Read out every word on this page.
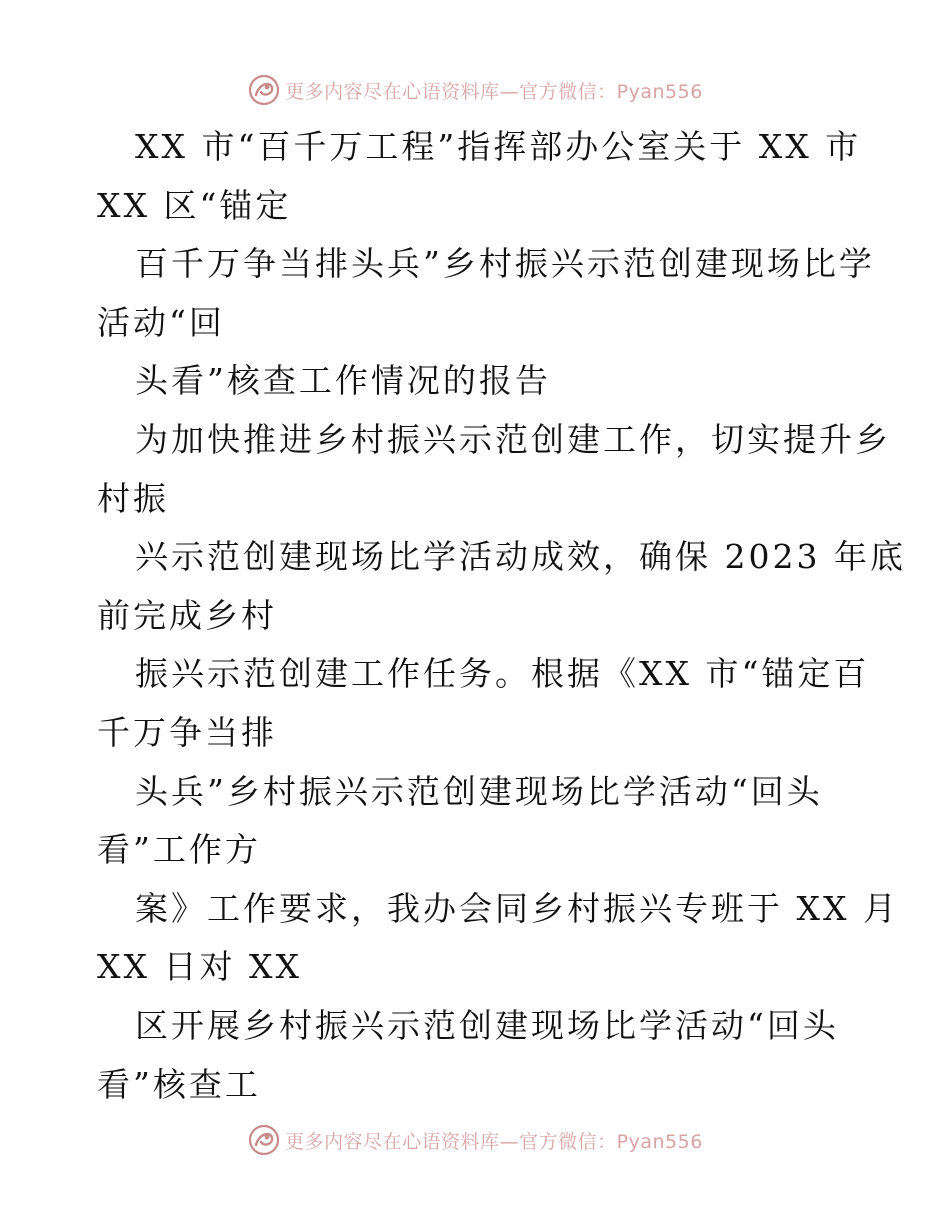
更多内容尽在心语资料库—官方微信：Pyan556
XX 市“百千万工程”指挥部办公室关于 XX 市
XX 区“锚定
百千万争当排头兵”乡村振兴示范创建现场比学
活动“回
头看”核查工作情况的报告
为加快推进乡村振兴示范创建工作，切实提升乡
村振
兴示范创建现场比学活动成效，确保 2023 年底
前完成乡村
振兴示范创建工作任务。根据《XX 市“锚定百
千万争当排
头兵”乡村振兴示范创建现场比学活动“回头
看”工作方
案》工作要求，我办会同乡村振兴专班于 XX 月
XX 日对 XX
区开展乡村振兴示范创建现场比学活动“回头
看”核查工
更多内容尽在心语资料库—官方微信：Pyan556
